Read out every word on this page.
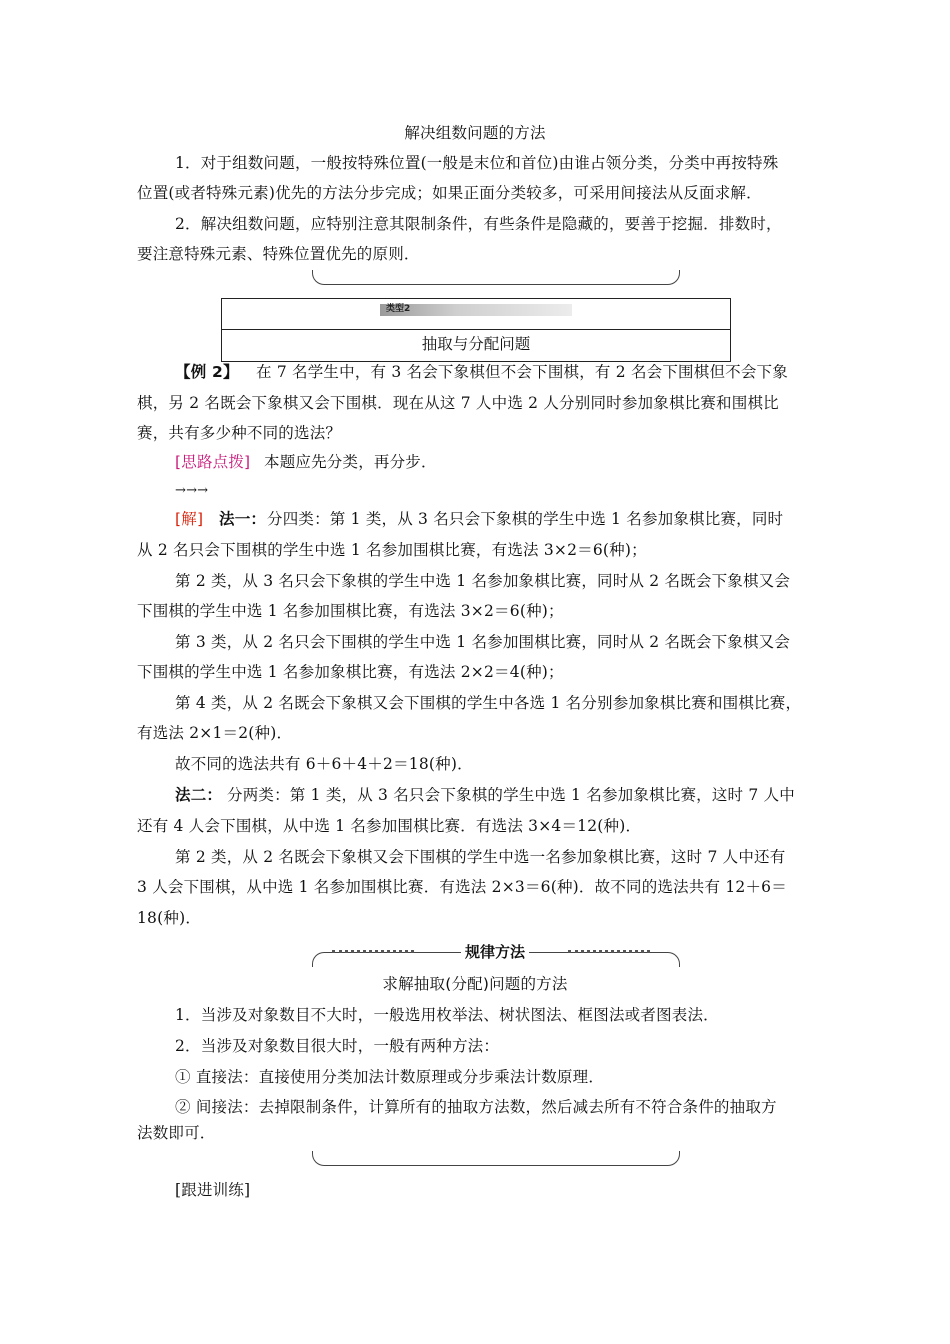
解决组数问题的方法
1．对于组数问题，一般按特殊位置(一般是末位和首位)由谁占领分类，分类中再按特殊
位置(或者特殊元素)优先的方法分步完成；如果正面分类较多，可采用间接法从反面求解．
2．解决组数问题，应特别注意其限制条件，有些条件是隐藏的，要善于挖掘．排数时，
要注意特殊元素、特殊位置优先的原则．
类型2
抽取与分配问题
【例 2】 在 7 名学生中，有 3 名会下象棋但不会下围棋，有 2 名会下围棋但不会下象
棋，另 2 名既会下象棋又会下围棋．现在从这 7 人中选 2 人分别同时参加象棋比赛和围棋比
赛，共有多少种不同的选法？
[思路点拨] 本题应先分类，再分步．
→→→
[解] 法一： 分四类：第 1 类，从 3 名只会下象棋的学生中选 1 名参加象棋比赛，同时
从 2 名只会下围棋的学生中选 1 名参加围棋比赛，有选法 3×2＝6(种)；
第 2 类，从 3 名只会下象棋的学生中选 1 名参加象棋比赛，同时从 2 名既会下象棋又会
下围棋的学生中选 1 名参加围棋比赛，有选法 3×2＝6(种)；
第 3 类，从 2 名只会下围棋的学生中选 1 名参加围棋比赛，同时从 2 名既会下象棋又会
下围棋的学生中选 1 名参加象棋比赛，有选法 2×2＝4(种)；
第 4 类，从 2 名既会下象棋又会下围棋的学生中各选 1 名分别参加象棋比赛和围棋比赛，
有选法 2×1＝2(种)．
故不同的选法共有 6＋6＋4＋2＝18(种)．
法二： 分两类：第 1 类，从 3 名只会下象棋的学生中选 1 名参加象棋比赛，这时 7 人中
还有 4 人会下围棋，从中选 1 名参加围棋比赛．有选法 3×4＝12(种)．
第 2 类，从 2 名既会下象棋又会下围棋的学生中选一名参加象棋比赛，这时 7 人中还有
3 人会下围棋，从中选 1 名参加围棋比赛．有选法 2×3＝6(种)．故不同的选法共有 12＋6＝
18(种)．
规律方法
求解抽取(分配)问题的方法
1．当涉及对象数目不大时，一般选用枚举法、树状图法、框图法或者图表法．
2．当涉及对象数目很大时，一般有两种方法：
① 直接法：直接使用分类加法计数原理或分步乘法计数原理．
② 间接法：去掉限制条件，计算所有的抽取方法数，然后减去所有不符合条件的抽取方
法数即可．
[跟进训练]
